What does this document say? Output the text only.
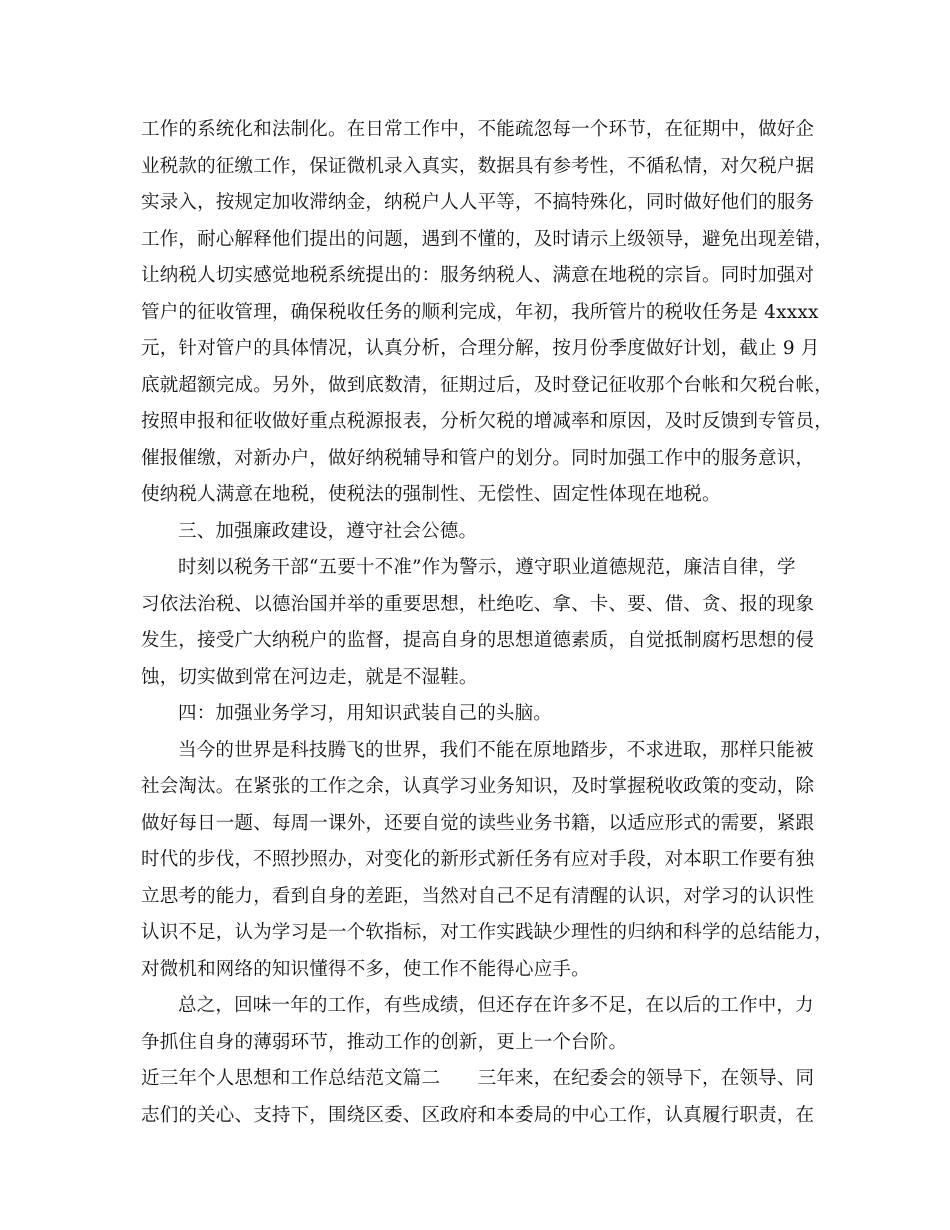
工作的系统化和法制化。在日常工作中，不能疏忽每一个环节，在征期中，做好企
业税款的征缴工作，保证微机录入真实，数据具有参考性，不循私情，对欠税户据
实录入，按规定加收滞纳金，纳税户人人平等，不搞特殊化，同时做好他们的服务
工作，耐心解释他们提出的问题，遇到不懂的，及时请示上级领导，避免出现差错，
让纳税人切实感觉地税系统提出的：服务纳税人、满意在地税的宗旨。同时加强对
管户的征收管理，确保税收任务的顺利完成，年初，我所管片的税收任务是 4xxxx
元，针对管户的具体情况，认真分析，合理分解，按月份季度做好计划，截止 9 月
底就超额完成。另外，做到底数清，征期过后，及时登记征收那个台帐和欠税台帐，
按照申报和征收做好重点税源报表，分析欠税的增减率和原因，及时反馈到专管员，
催报催缴，对新办户，做好纳税辅导和管户的划分。同时加强工作中的服务意识，
使纳税人满意在地税，使税法的强制性、无偿性、固定性体现在地税。
三、加强廉政建设，遵守社会公德。
时刻以税务干部“五要十不准”作为警示，遵守职业道德规范，廉洁自律，学
习依法治税、以德治国并举的重要思想，杜绝吃、拿、卡、要、借、贪、报的现象
发生，接受广大纳税户的监督，提高自身的思想道德素质，自觉抵制腐朽思想的侵
蚀，切实做到常在河边走，就是不湿鞋。
四：加强业务学习，用知识武装自己的头脑。
当今的世界是科技腾飞的世界，我们不能在原地踏步，不求进取，那样只能被
社会淘汰。在紧张的工作之余，认真学习业务知识，及时掌握税收政策的变动，除
做好每日一题、每周一课外，还要自觉的读些业务书籍，以适应形式的需要，紧跟
时代的步伐，不照抄照办，对变化的新形式新任务有应对手段，对本职工作要有独
立思考的能力，看到自身的差距，当然对自己不足有清醒的认识，对学习的认识性
认识不足，认为学习是一个软指标，对工作实践缺少理性的归纳和科学的总结能力，
对微机和网络的知识懂得不多，使工作不能得心应手。
总之，回味一年的工作，有些成绩，但还存在许多不足，在以后的工作中，力
争抓住自身的薄弱环节，推动工作的创新，更上一个台阶。
近三年个人思想和工作总结范文篇二　　三年来，在纪委会的领导下，在领导、同
志们的关心、支持下，围绕区委、区政府和本委局的中心工作，认真履行职责，在
